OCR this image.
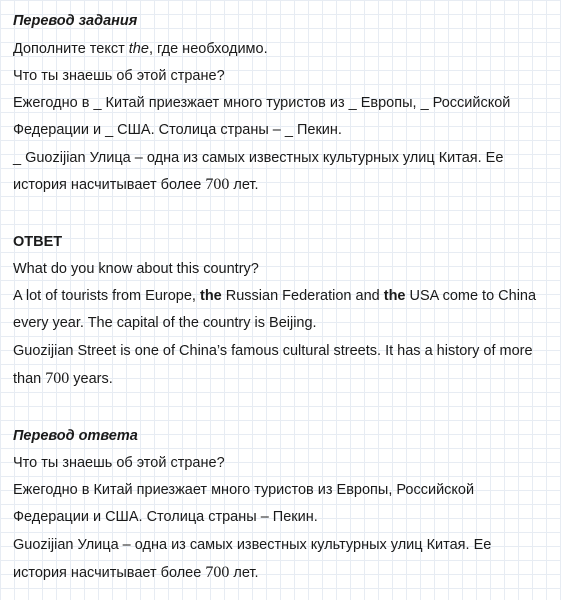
Перевод задания
Дополните текст the, где необходимо.
Что ты знаешь об этой стране?
Ежегодно в _ Китай приезжает много туристов из _ Европы, _ Российской
Федерации и _ США. Столица страны – _ Пекин.
_ Guozijian Улица – одна из самых известных культурных улиц Китая. Ее
история насчитывает более 700 лет.
ОТВЕТ
What do you know about this country?
A lot of tourists from Europe, the Russian Federation and the USA come to China
every year. The capital of the country is Beijing.
Guozijian Street is one of China’s famous cultural streets. It has a history of more
than 700 years.
Перевод ответа
Что ты знаешь об этой стране?
Ежегодно в Китай приезжает много туристов из Европы, Российской
Федерации и США. Столица страны – Пекин.
Guozijian Улица – одна из самых известных культурных улиц Китая. Ее
история насчитывает более 700 лет.
